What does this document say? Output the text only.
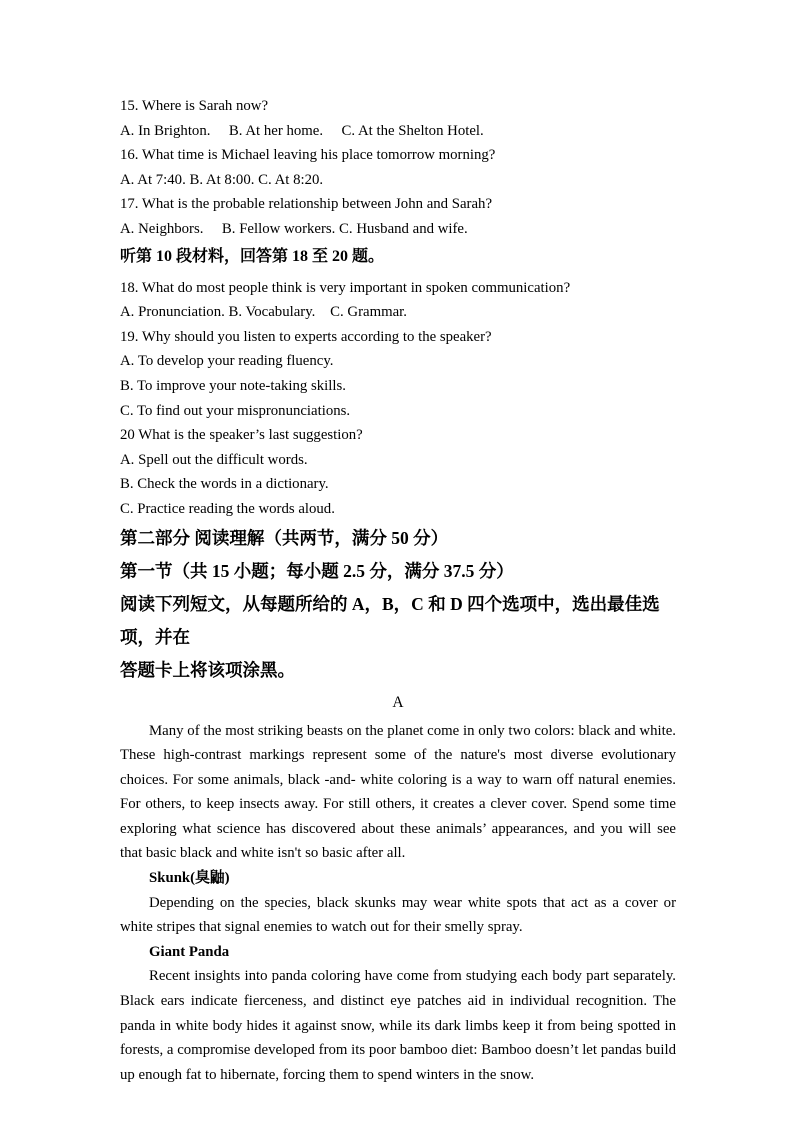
15. Where is Sarah now?

A. In Brighton.     B. At her home.     C. At the Shelton Hotel.

16. What time is Michael leaving his place tomorrow morning?

A. At 7:40. B. At 8:00. C. At 8:20.

17. What is the probable relationship between John and Sarah?

A. Neighbors.     B. Fellow workers. C. Husband and wife.

听第 10 段材料，回答第 18 至 20 题。

18. What do most people think is very important in spoken communication?

A. Pronunciation. B. Vocabulary.    C. Grammar.

19. Why should you listen to experts according to the speaker?

A. To develop your reading fluency.

B. To improve your note-taking skills.

C. To find out your mispronunciations.

20 What is the speaker’s last suggestion?

A. Spell out the difficult words.

B. Check the words in a dictionary.

C. Practice reading the words aloud.

第二部分 阅读理解（共两节，满分 50 分）

第一节（共 15 小题；每小题 2.5 分，满分 37.5 分）

阅读下列短文，从每题所给的 A，B，C 和 D 四个选项中，选出最佳选项，并在

答题卡上将该项涂黑。

A

Many of the most striking beasts on the planet come in only two colors: black and white. These high-contrast markings represent some of the nature's most diverse evolutionary choices. For some animals, black -and- white coloring is a way to warn off natural enemies. For others, to keep insects away. For still others, it creates a clever cover. Spend some time exploring what science has discovered about these animals’ appearances, and you will see that basic black and white isn't so basic after all.

Skunk(臭鼬)

Depending on the species, black skunks may wear white spots that act as a cover or white stripes that signal enemies to watch out for their smelly spray.

Giant Panda

Recent insights into panda coloring have come from studying each body part separately. Black ears indicate fierceness, and distinct eye patches aid in individual recognition. The panda in white body hides it against snow, while its dark limbs keep it from being spotted in forests, a compromise developed from its poor bamboo diet: Bamboo doesn’t let pandas build up enough fat to hibernate, forcing them to spend winters in the snow.
